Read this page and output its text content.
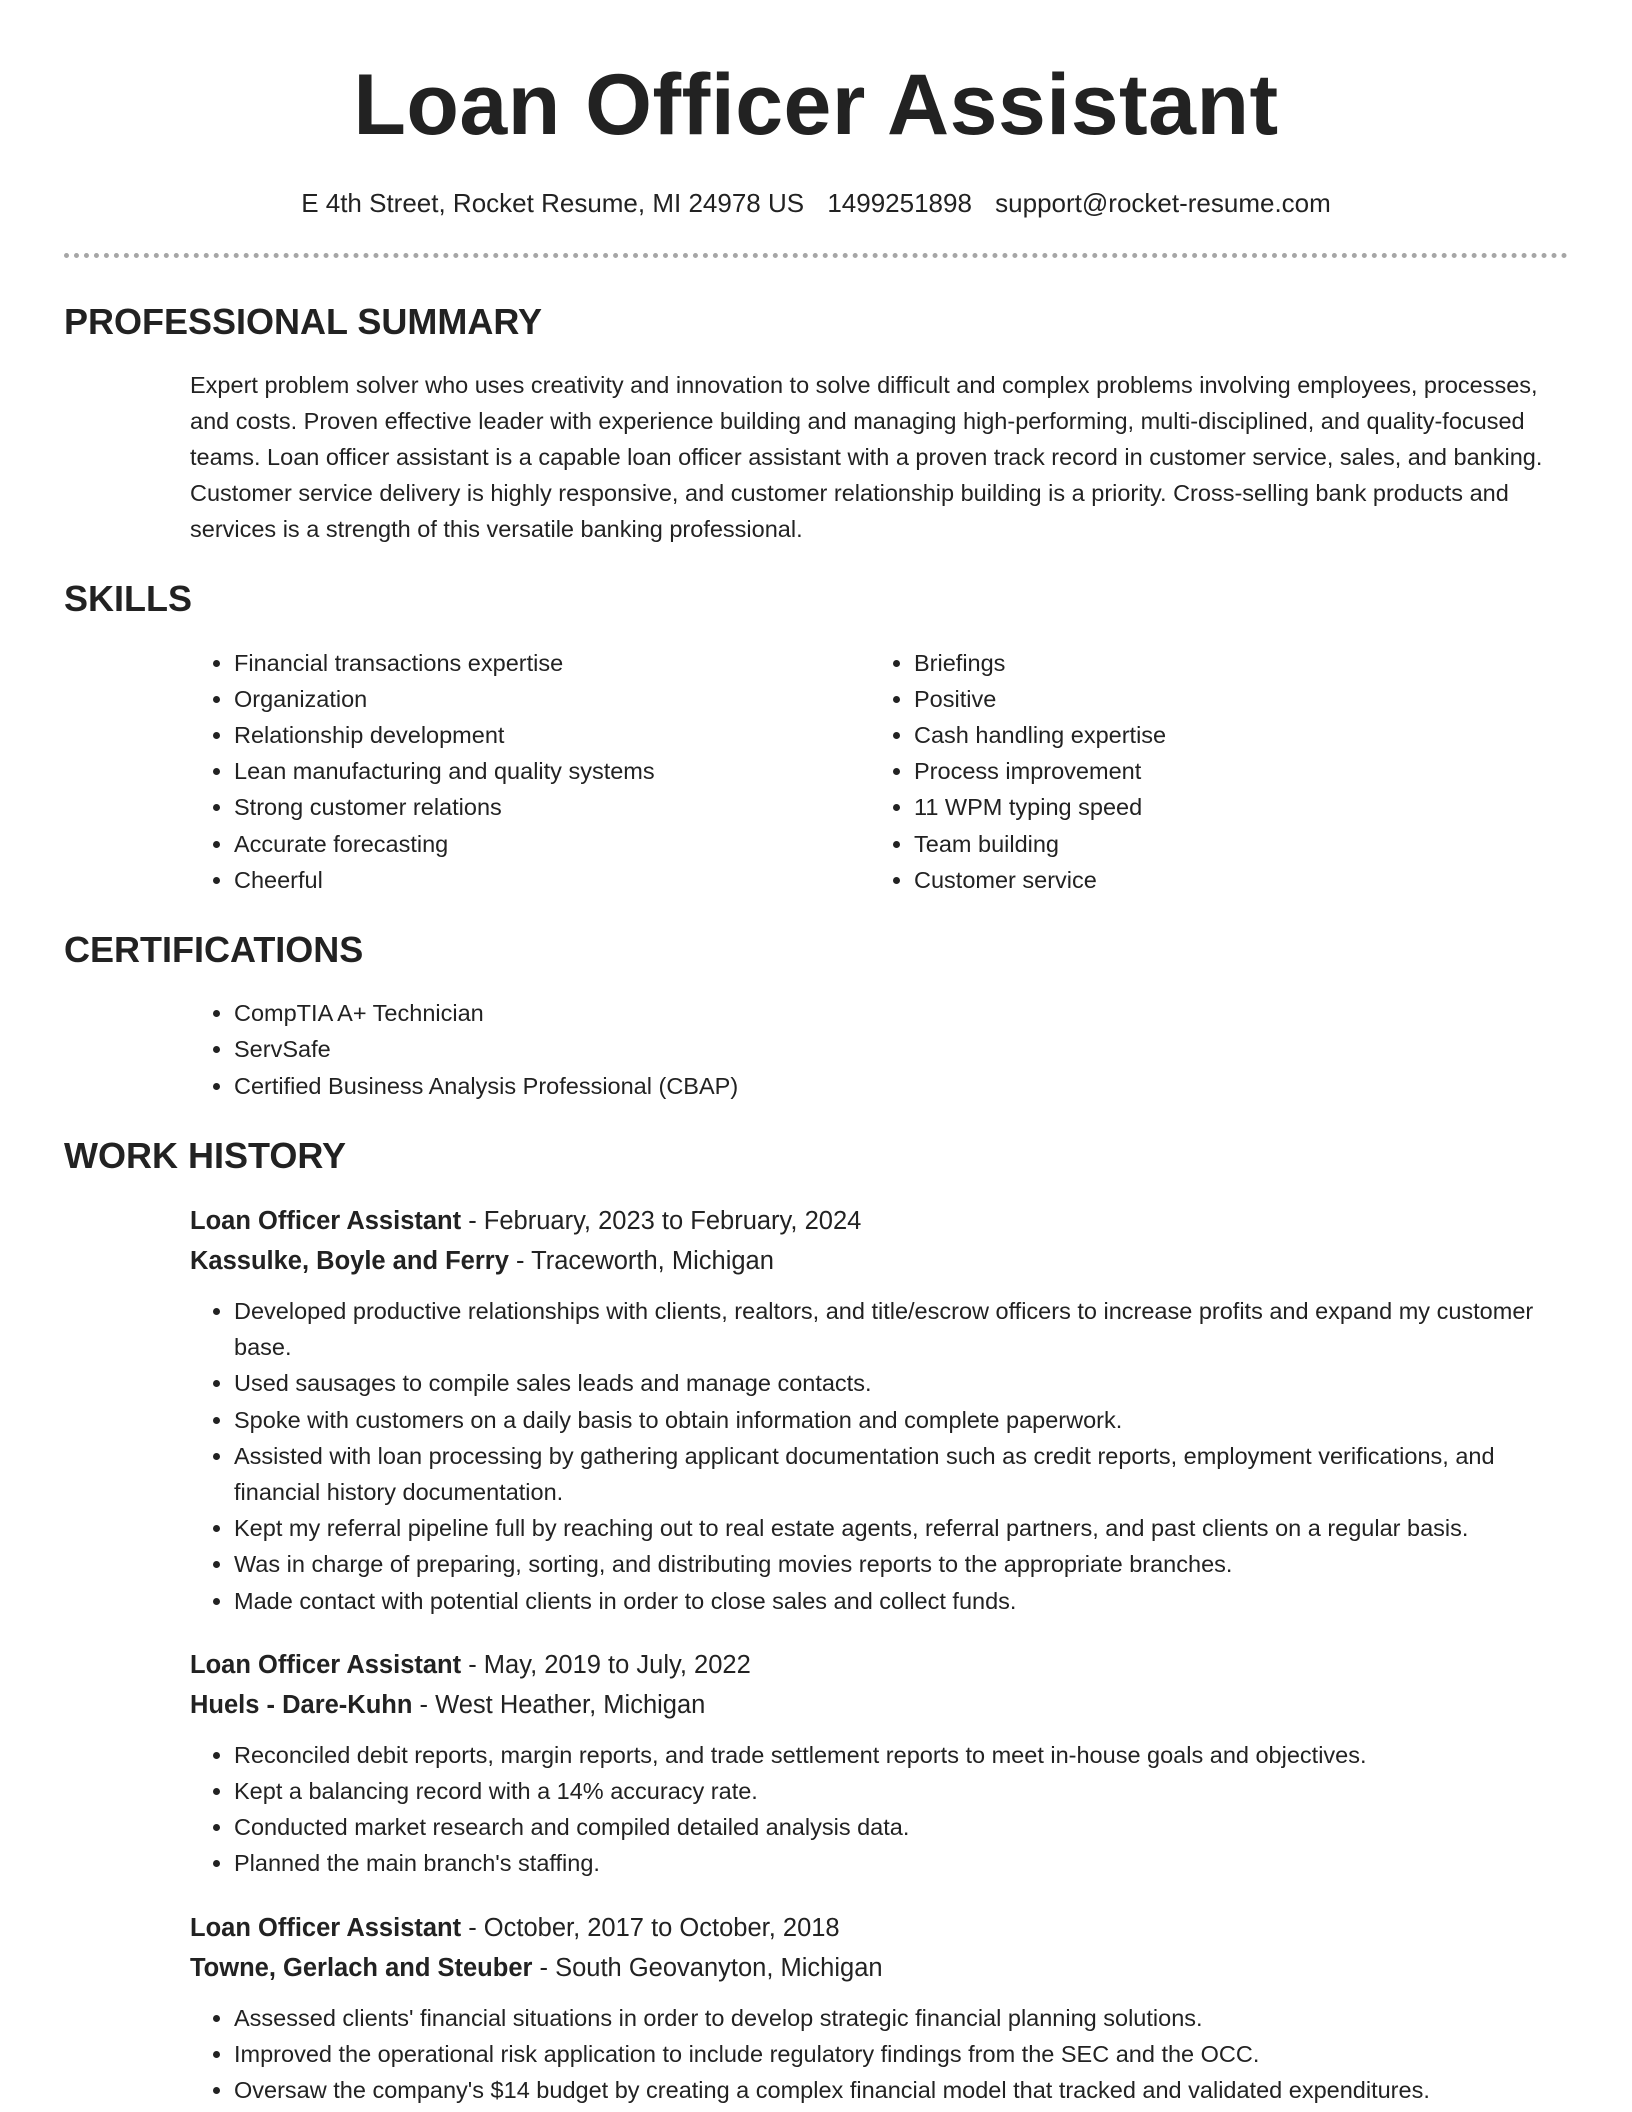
Loan Officer Assistant
E 4th Street, Rocket Resume, MI 24978 US 1499251898 support@rocket-resume.com
PROFESSIONAL SUMMARY

Expert problem solver who uses creativity and innovation to solve difficult and complex problems involving employees, processes, and costs. Proven effective leader with experience building and managing high-performing, multi-disciplined, and quality-focused teams. Loan officer assistant is a capable loan officer assistant with a proven track record in customer service, sales, and banking. Customer service delivery is highly responsive, and customer relationship building is a priority. Cross-selling bank products and services is a strength of this versatile banking professional.

SKILLS
• Financial transactions expertise
• Organization
• Relationship development
• Lean manufacturing and quality systems
• Strong customer relations
• Accurate forecasting
• Cheerful
• Briefings
• Positive
• Cash handling expertise
• Process improvement
• 11 WPM typing speed
• Team building
• Customer service
CERTIFICATIONS
• CompTIA A+ Technician
• ServSafe
• Certified Business Analysis Professional (CBAP)
WORK HISTORY
Loan Officer Assistant - February, 2023 to February, 2024
Kassulke, Boyle and Ferry - Traceworth, Michigan
• Developed productive relationships with clients, realtors, and title/escrow officers to increase profits and expand my customer base.
• Used sausages to compile sales leads and manage contacts.
• Spoke with customers on a daily basis to obtain information and complete paperwork.
• Assisted with loan processing by gathering applicant documentation such as credit reports, employment verifications, and financial history documentation.
• Kept my referral pipeline full by reaching out to real estate agents, referral partners, and past clients on a regular basis.
• Was in charge of preparing, sorting, and distributing movies reports to the appropriate branches.
• Made contact with potential clients in order to close sales and collect funds.
Loan Officer Assistant - May, 2019 to July, 2022
Huels - Dare-Kuhn - West Heather, Michigan
• Reconciled debit reports, margin reports, and trade settlement reports to meet in-house goals and objectives.
• Kept a balancing record with a 14% accuracy rate.
• Conducted market research and compiled detailed analysis data.
• Planned the main branch's staffing.
Loan Officer Assistant - October, 2017 to October, 2018
Towne, Gerlach and Steuber - South Geovanyton, Michigan
• Assessed clients' financial situations in order to develop strategic financial planning solutions.
• Improved the operational risk application to include regulatory findings from the SEC and the OCC.
• Oversaw the company's $14 budget by creating a complex financial model that tracked and validated expenditures.
